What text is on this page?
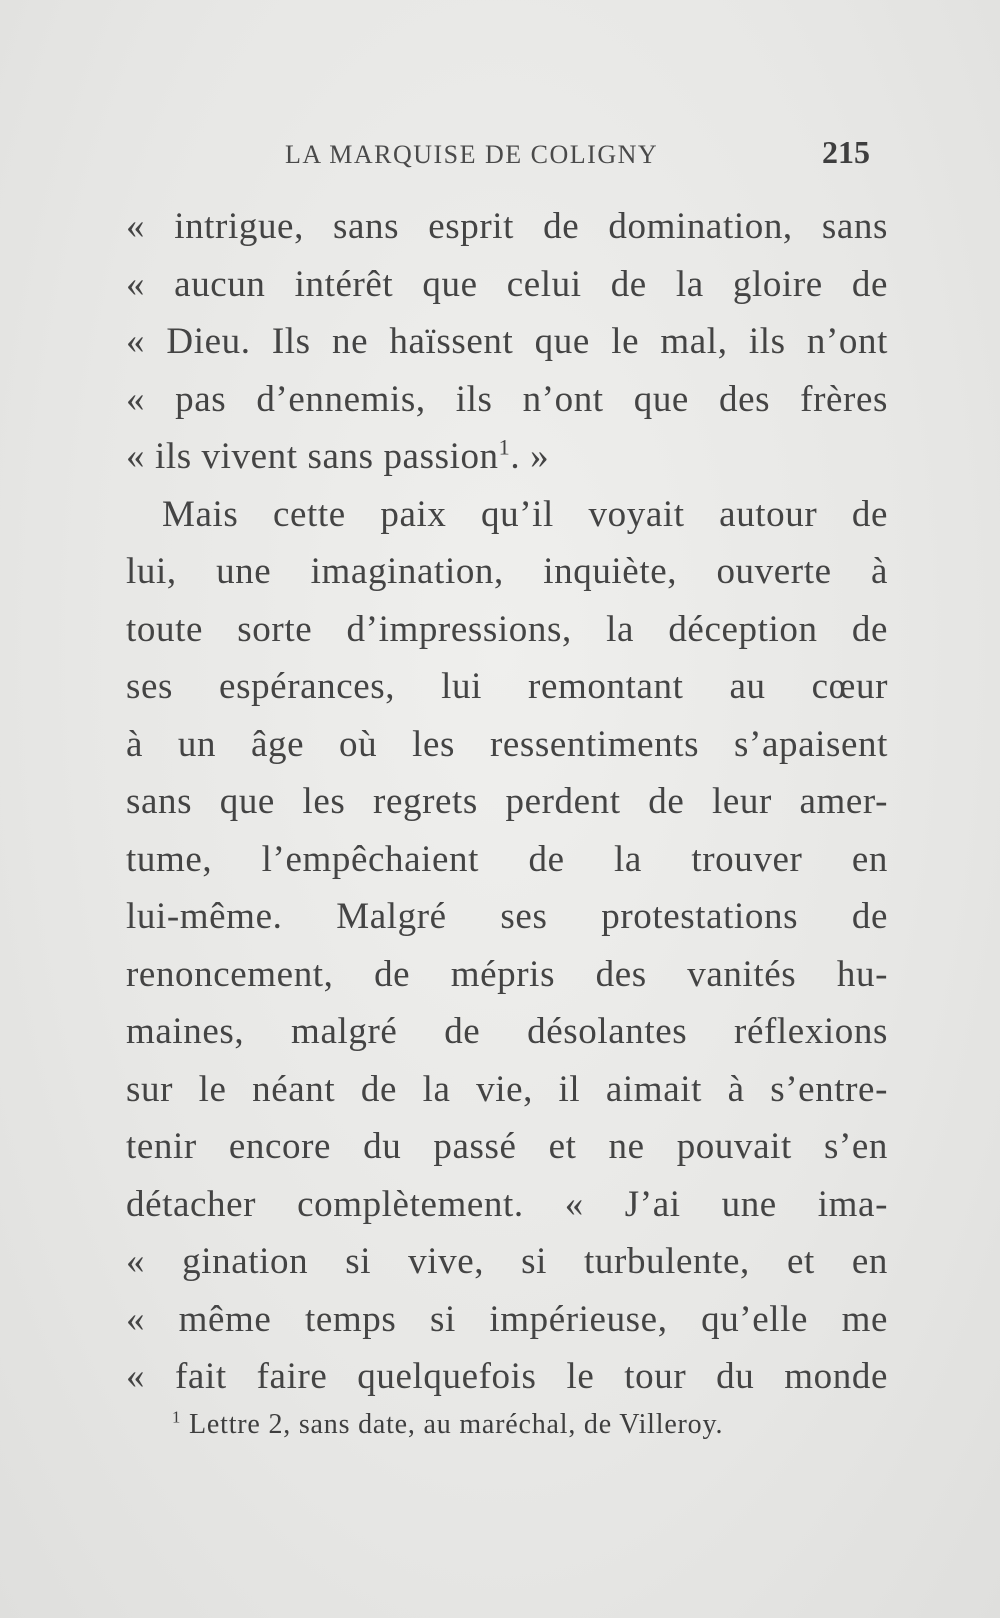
LA MARQUISE DE COLIGNY	215
« intrigue, sans esprit de domination, sans
« aucun intérêt que celui de la gloire de
« Dieu. Ils ne haïssent que le mal, ils n’ont
« pas d’ennemis, ils n’ont que des frères
« ils vivent sans passion$^1$. »
Mais cette paix qu’il voyait autour de
lui, une imagination, inquiète, ouverte à
toute sorte d’impressions, la déception de
ses espérances, lui remontant au cœur
à un âge où les ressentiments s’apaisent
sans que les regrets perdent de leur amer-
tume, l’empêchaient de la trouver en
lui-même. Malgré ses protestations de
renoncement, de mépris des vanités hu-
maines, malgré de désolantes réflexions
sur le néant de la vie, il aimait à s’entre-
tenir encore du passé et ne pouvait s’en
détacher complètement. « J’ai une ima-
« gination si vive, si turbulente, et en
« même temps si impérieuse, qu’elle me
« fait faire quelquefois le tour du monde
$^1$ Lettre 2, sans date, au maréchal, de Villeroy.
